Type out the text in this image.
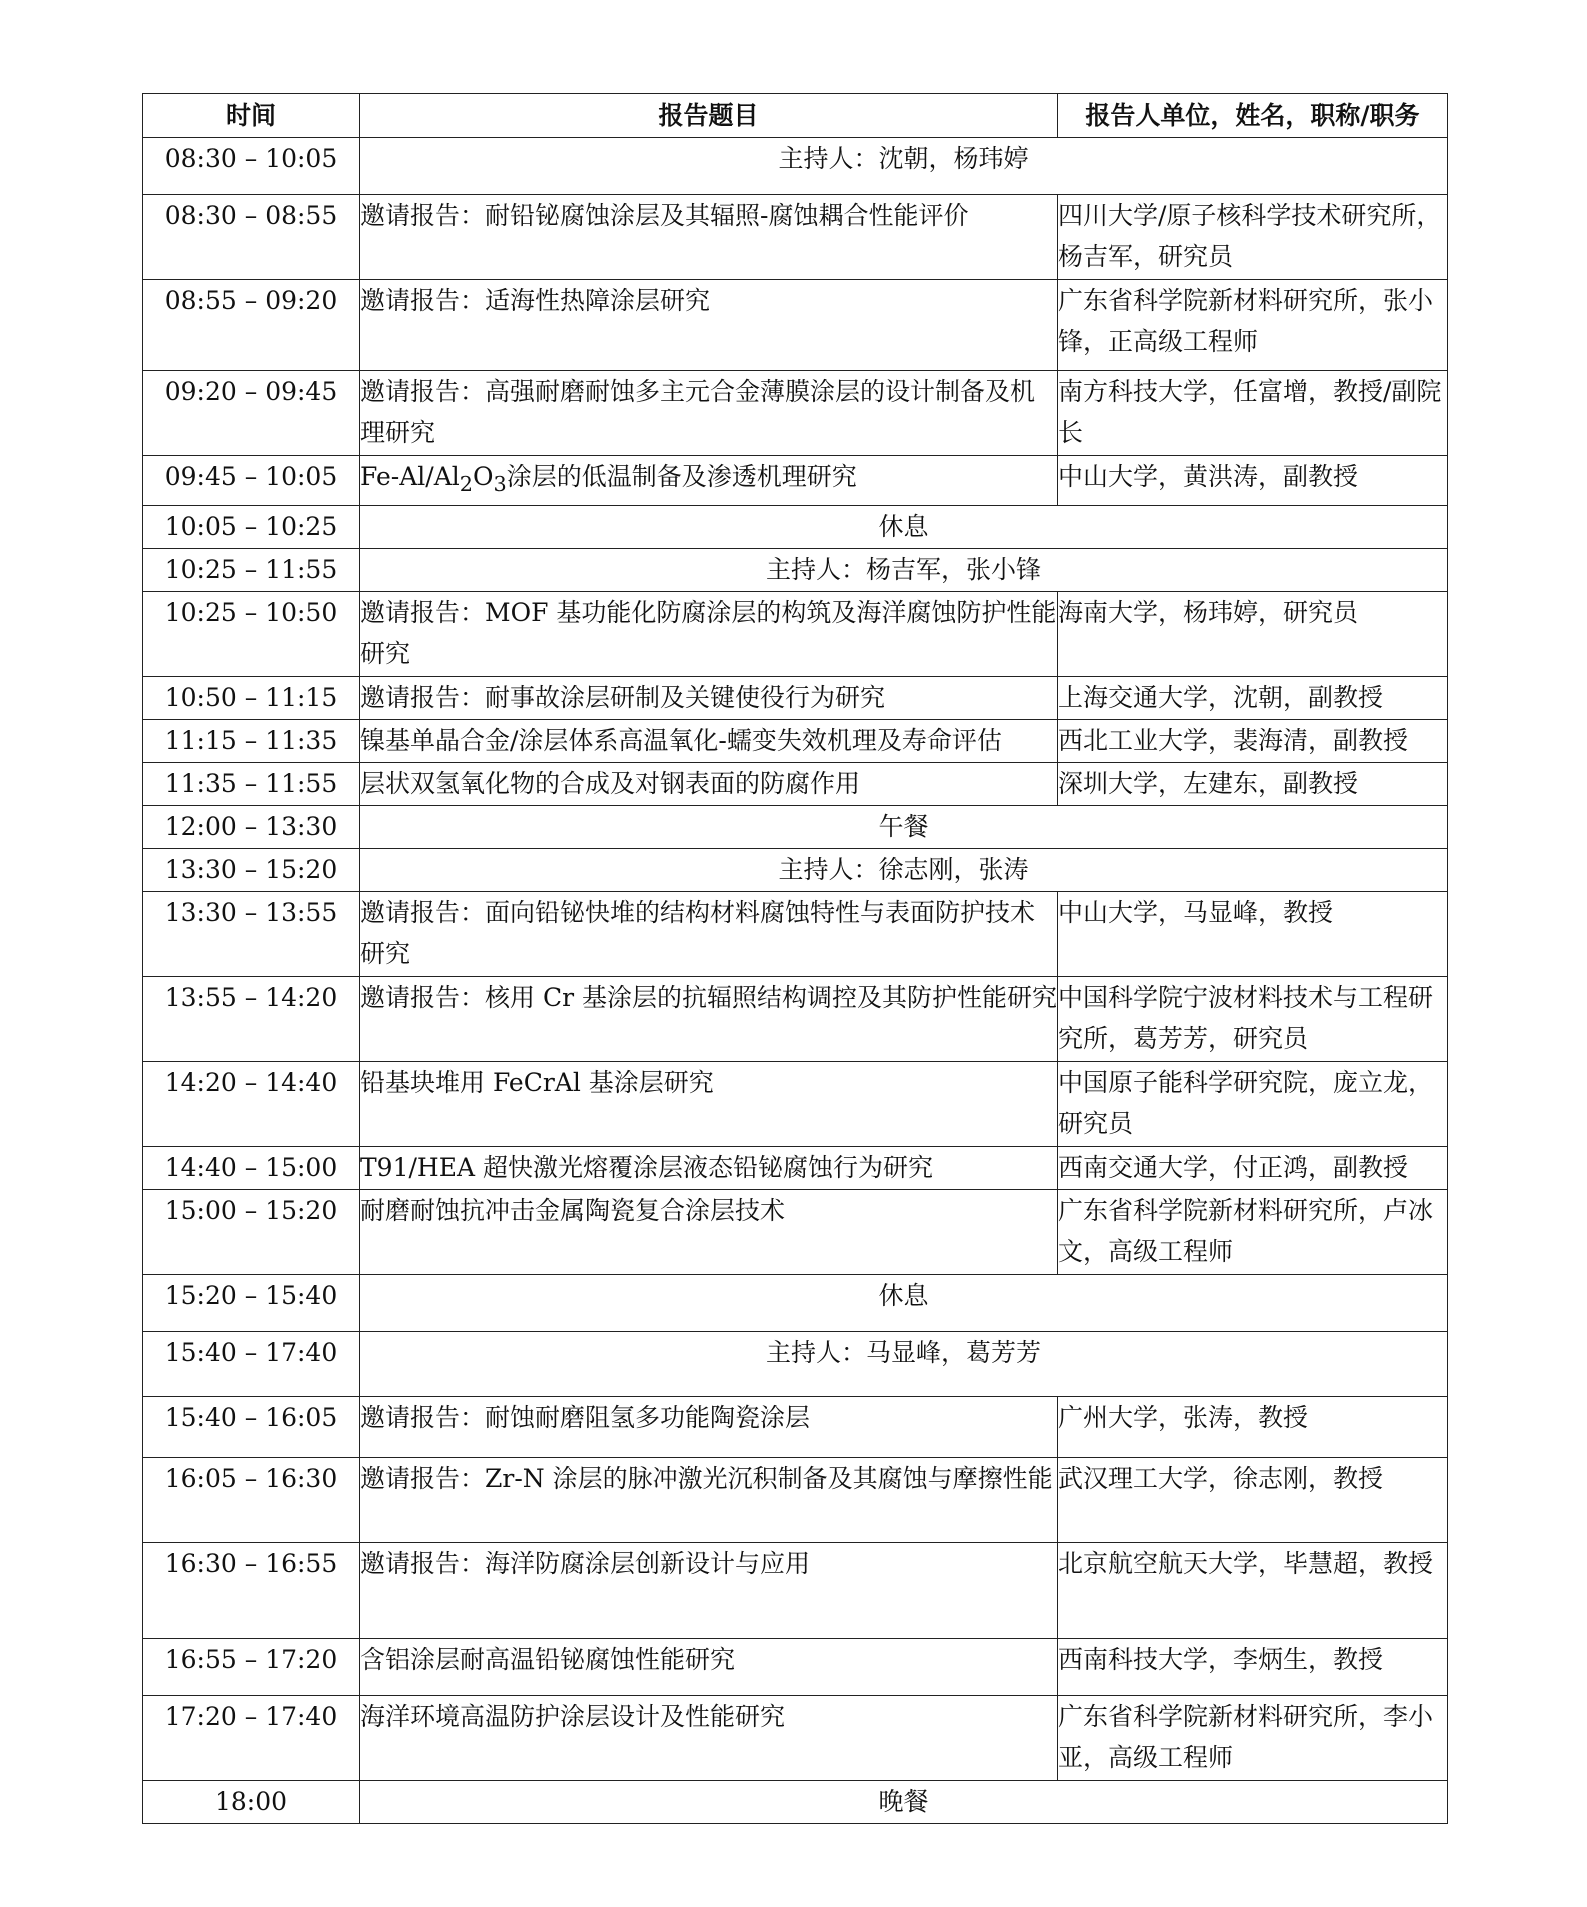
时间	报告题目	报告人单位，姓名，职称/职务
08:30 – 10:05	主持人：沈朝，杨玮婷	
08:30 – 08:55	邀请报告：耐铅铋腐蚀涂层及其辐照-腐蚀耦合性能评价	四川大学/原子核科学技术研究所，杨吉军，研究员
08:55 – 09:20	邀请报告：适海性热障涂层研究	广东省科学院新材料研究所，张小锋，正高级工程师
09:20 – 09:45	邀请报告：高强耐磨耐蚀多主元合金薄膜涂层的设计制备及机理研究	南方科技大学，任富增，教授/副院长
09:45 – 10:05	$Fe-Al/Al_2O_3$涂层的低温制备及渗透机理研究	中山大学，黄洪涛，副教授
10:05 – 10:25	休息	
10:25 – 11:55	主持人：杨吉军，张小锋	
10:25 – 10:50	邀请报告：MOF 基功能化防腐涂层的构筑及海洋腐蚀防护性能研究	海南大学，杨玮婷，研究员
10:50 – 11:15	邀请报告：耐事故涂层研制及关键使役行为研究	上海交通大学，沈朝，副教授
11:15 – 11:35	镍基单晶合金/涂层体系高温氧化-蠕变失效机理及寿命评估	西北工业大学，裴海清，副教授
11:35 – 11:55	层状双氢氧化物的合成及对钢表面的防腐作用	深圳大学，左建东，副教授
12:00 – 13:30	午餐	
13:30 – 15:20	主持人：徐志刚，张涛	
13:30 – 13:55	邀请报告：面向铅铋快堆的结构材料腐蚀特性与表面防护技术研究	中山大学，马显峰，教授
13:55 – 14:20	邀请报告：核用 Cr 基涂层的抗辐照结构调控及其防护性能研究	中国科学院宁波材料技术与工程研究所，葛芳芳，研究员
14:20 – 14:40	铅基块堆用 FeCrAl 基涂层研究	中国原子能科学研究院，庞立龙，研究员
14:40 – 15:00	T91/HEA 超快激光熔覆涂层液态铅铋腐蚀行为研究	西南交通大学，付正鸿，副教授
15:00 – 15:20	耐磨耐蚀抗冲击金属陶瓷复合涂层技术	广东省科学院新材料研究所，卢冰文，高级工程师
15:20 – 15:40	休息	
15:40 – 17:40	主持人：马显峰，葛芳芳	
15:40 – 16:05	邀请报告：耐蚀耐磨阻氢多功能陶瓷涂层	广州大学，张涛，教授
16:05 – 16:30	邀请报告：Zr-N 涂层的脉冲激光沉积制备及其腐蚀与摩擦性能	武汉理工大学，徐志刚，教授
16:30 – 16:55	邀请报告：海洋防腐涂层创新设计与应用	北京航空航天大学，毕慧超，教授
16:55 – 17:20	含铝涂层耐高温铅铋腐蚀性能研究	西南科技大学，李炳生，教授
17:20 – 17:40	海洋环境高温防护涂层设计及性能研究	广东省科学院新材料研究所，李小亚，高级工程师
18:00	晚餐	
